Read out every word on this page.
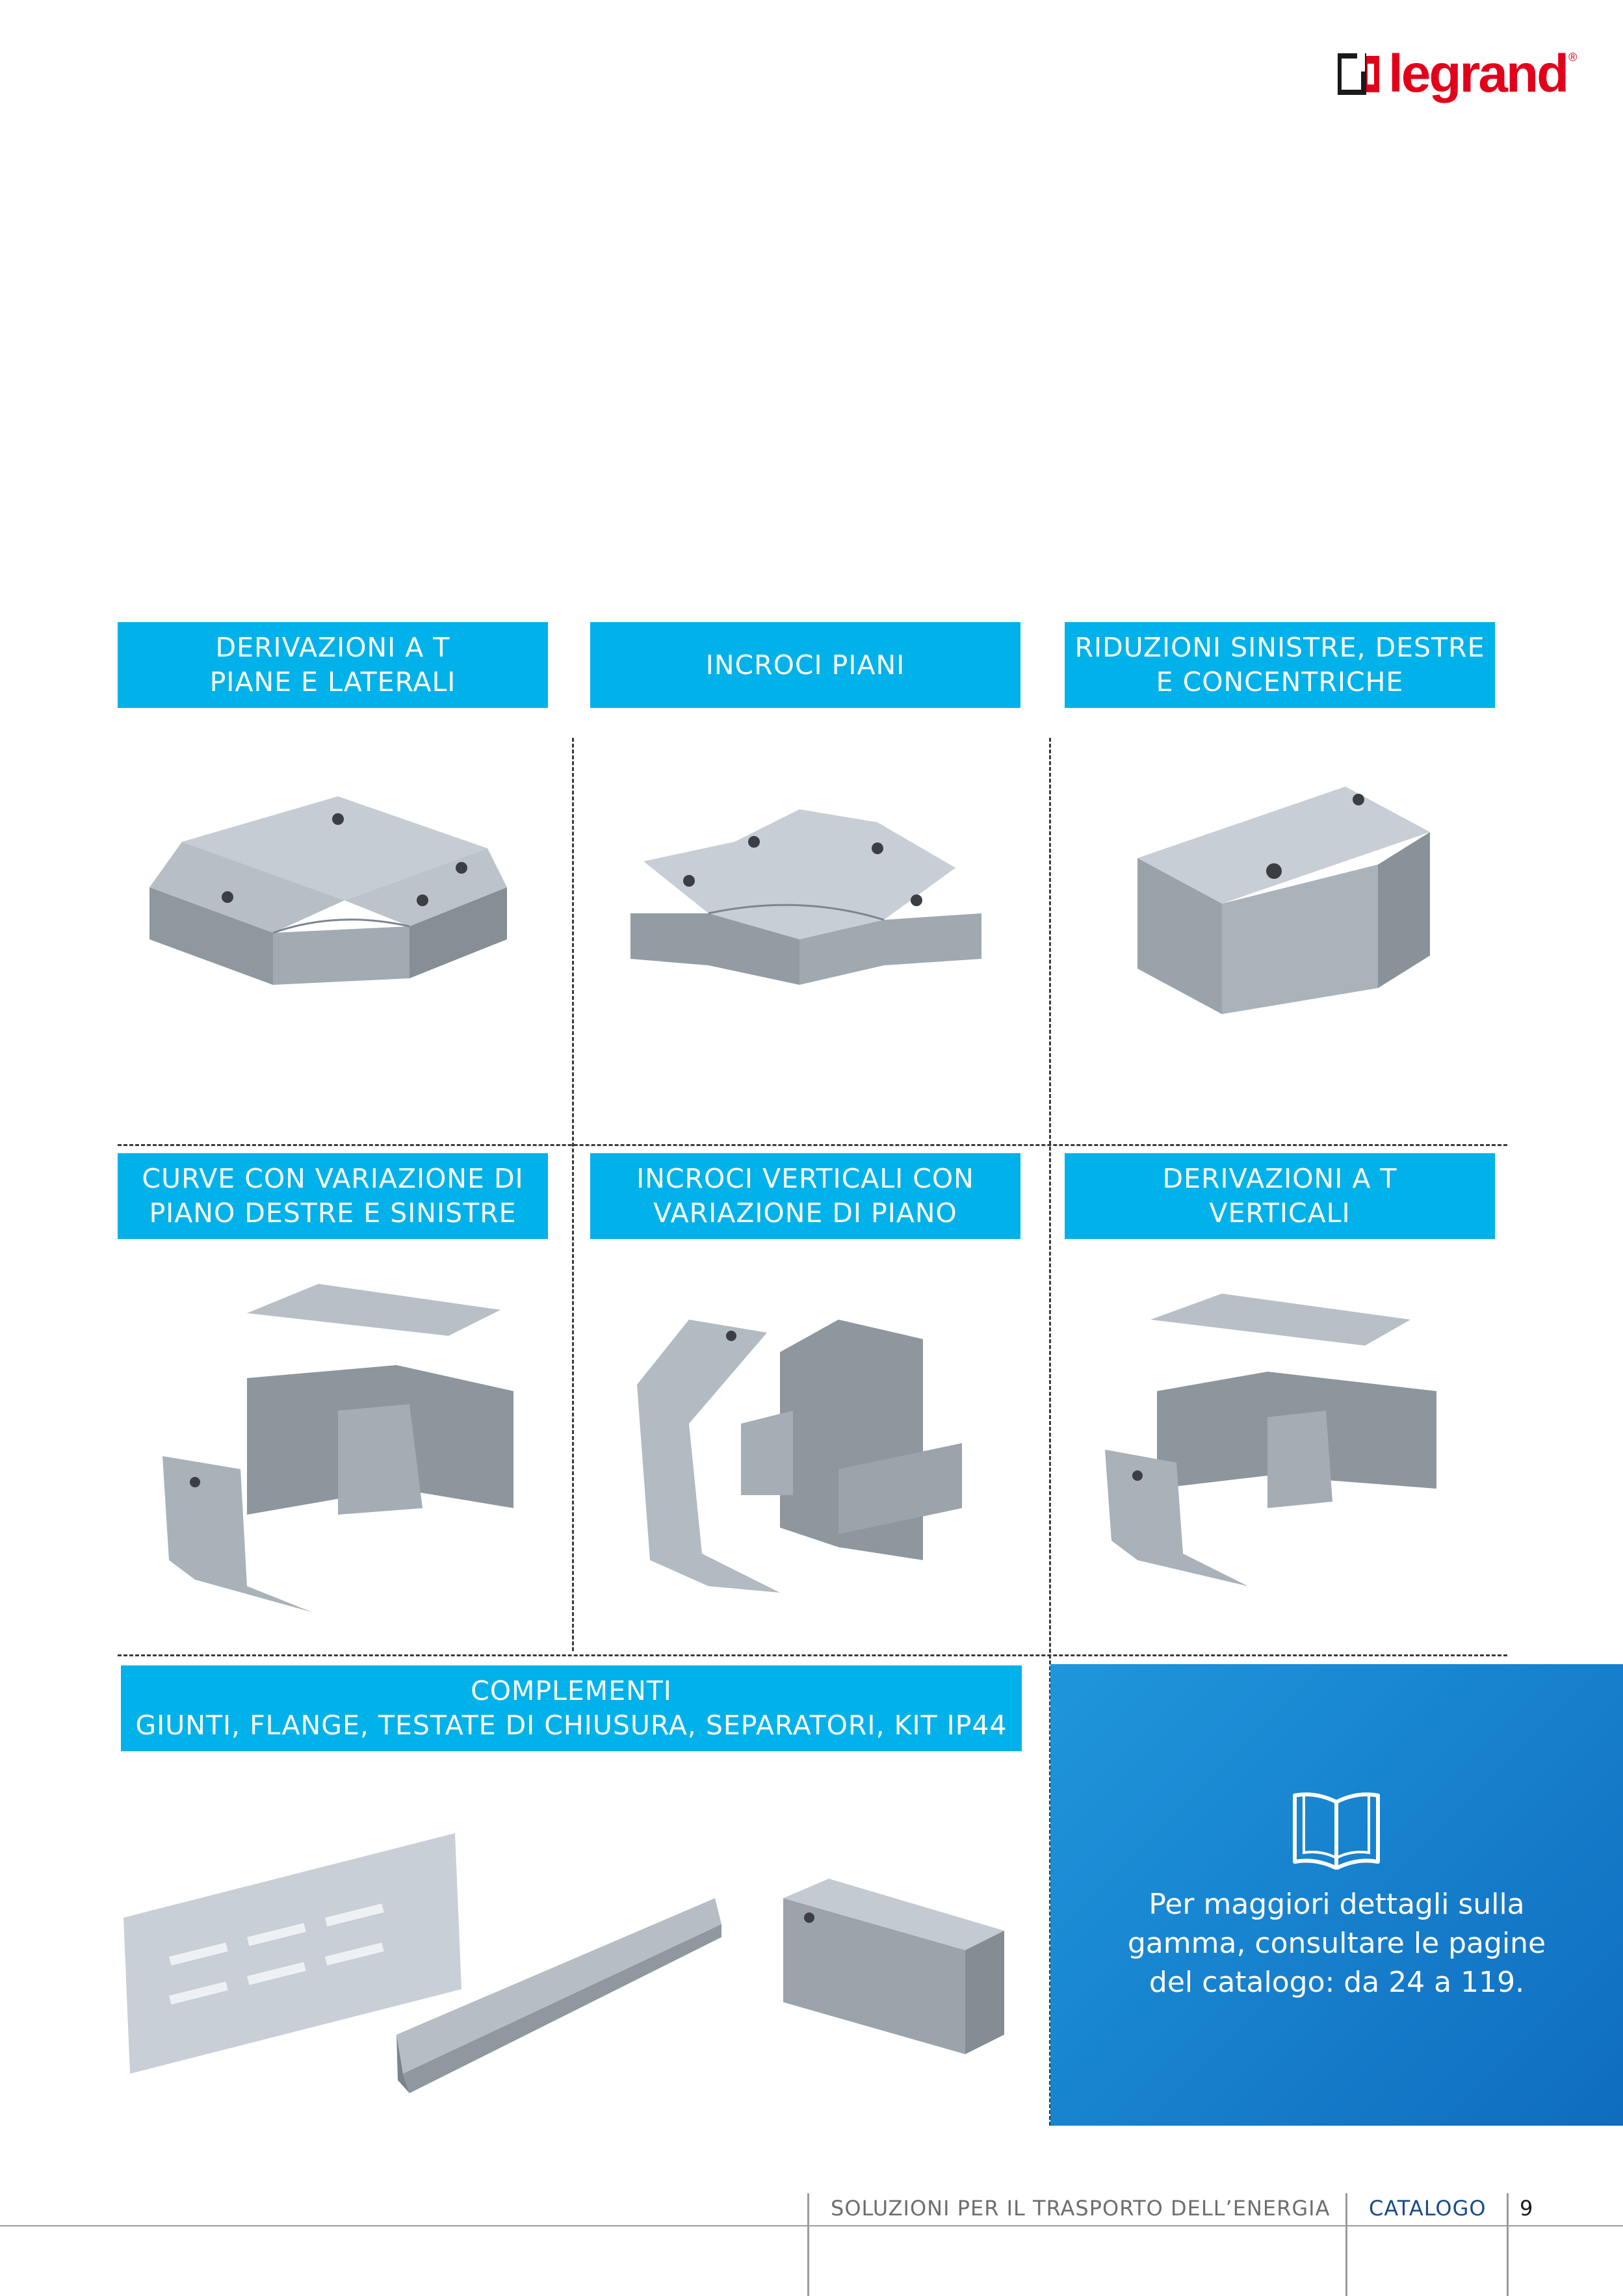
legrand ®
DERIVAZIONI A T
PIANE E LATERALI
INCROCI PIANI
RIDUZIONI SINISTRE, DESTRE
E CONCENTRICHE
CURVE CON VARIAZIONE DI
PIANO DESTRE E SINISTRE
INCROCI VERTICALI CON
VARIAZIONE DI PIANO
DERIVAZIONI A T
VERTICALI
COMPLEMENTI
GIUNTI, FLANGE, TESTATE DI CHIUSURA, SEPARATORI, KIT IP44
Per maggiori dettagli sulla
gamma, consultare le pagine
del catalogo: da 24 a 119.
SOLUZIONI PER IL TRASPORTO DELL’ENERGIA CATALOGO 9
